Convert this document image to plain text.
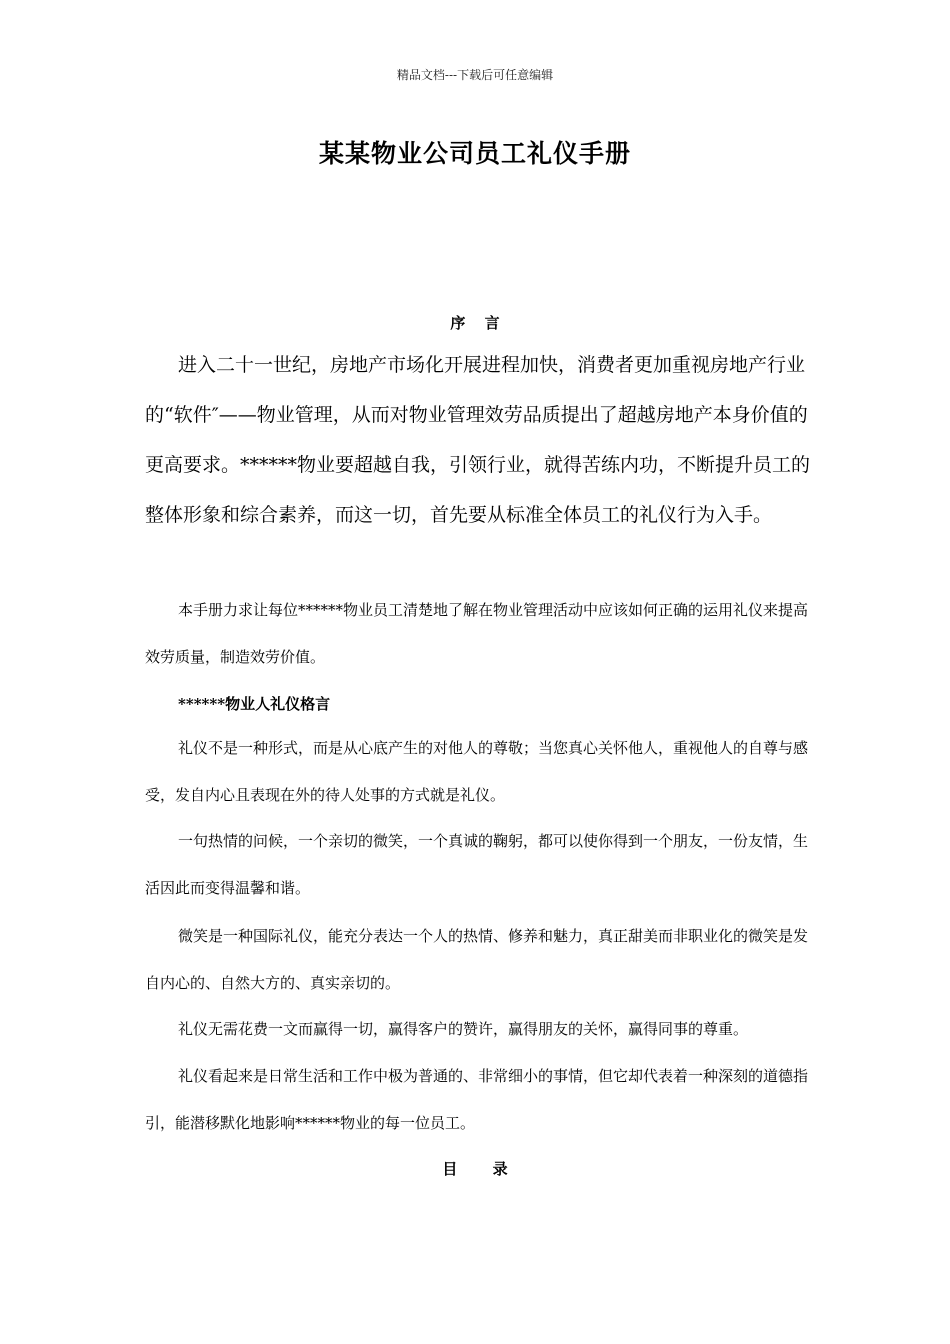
精品文档---下载后可任意编辑
某某物业公司员工礼仪手册
序 言
进入二十一世纪，房地产市场化开展进程加快，消费者更加重视房地产行业的“软件″——物业管理，从而对物业管理效劳品质提出了超越房地产本身价值的更高要求。******物业要超越自我，引领行业，就得苦练内功，不断提升员工的整体形象和综合素养，而这一切，首先要从标准全体员工的礼仪行为入手。
本手册力求让每位******物业员工清楚地了解在物业管理活动中应该如何正确的运用礼仪来提高效劳质量，制造效劳价值。
******物业人礼仪格言
礼仪不是一种形式，而是从心底产生的对他人的尊敬；当您真心关怀他人，重视他人的自尊与感受，发自内心且表现在外的待人处事的方式就是礼仪。
一句热情的问候，一个亲切的微笑，一个真诚的鞠躬，都可以使你得到一个朋友，一份友情，生活因此而变得温馨和谐。
微笑是一种国际礼仪，能充分表达一个人的热情、修养和魅力，真正甜美而非职业化的微笑是发自内心的、自然大方的、真实亲切的。
礼仪无需花费一文而赢得一切，赢得客户的赞许，赢得朋友的关怀，赢得同事的尊重。
礼仪看起来是日常生活和工作中极为普通的、非常细小的事情，但它却代表着一种深刻的道德指引，能潜移默化地影响******物业的每一位员工。
目 录
